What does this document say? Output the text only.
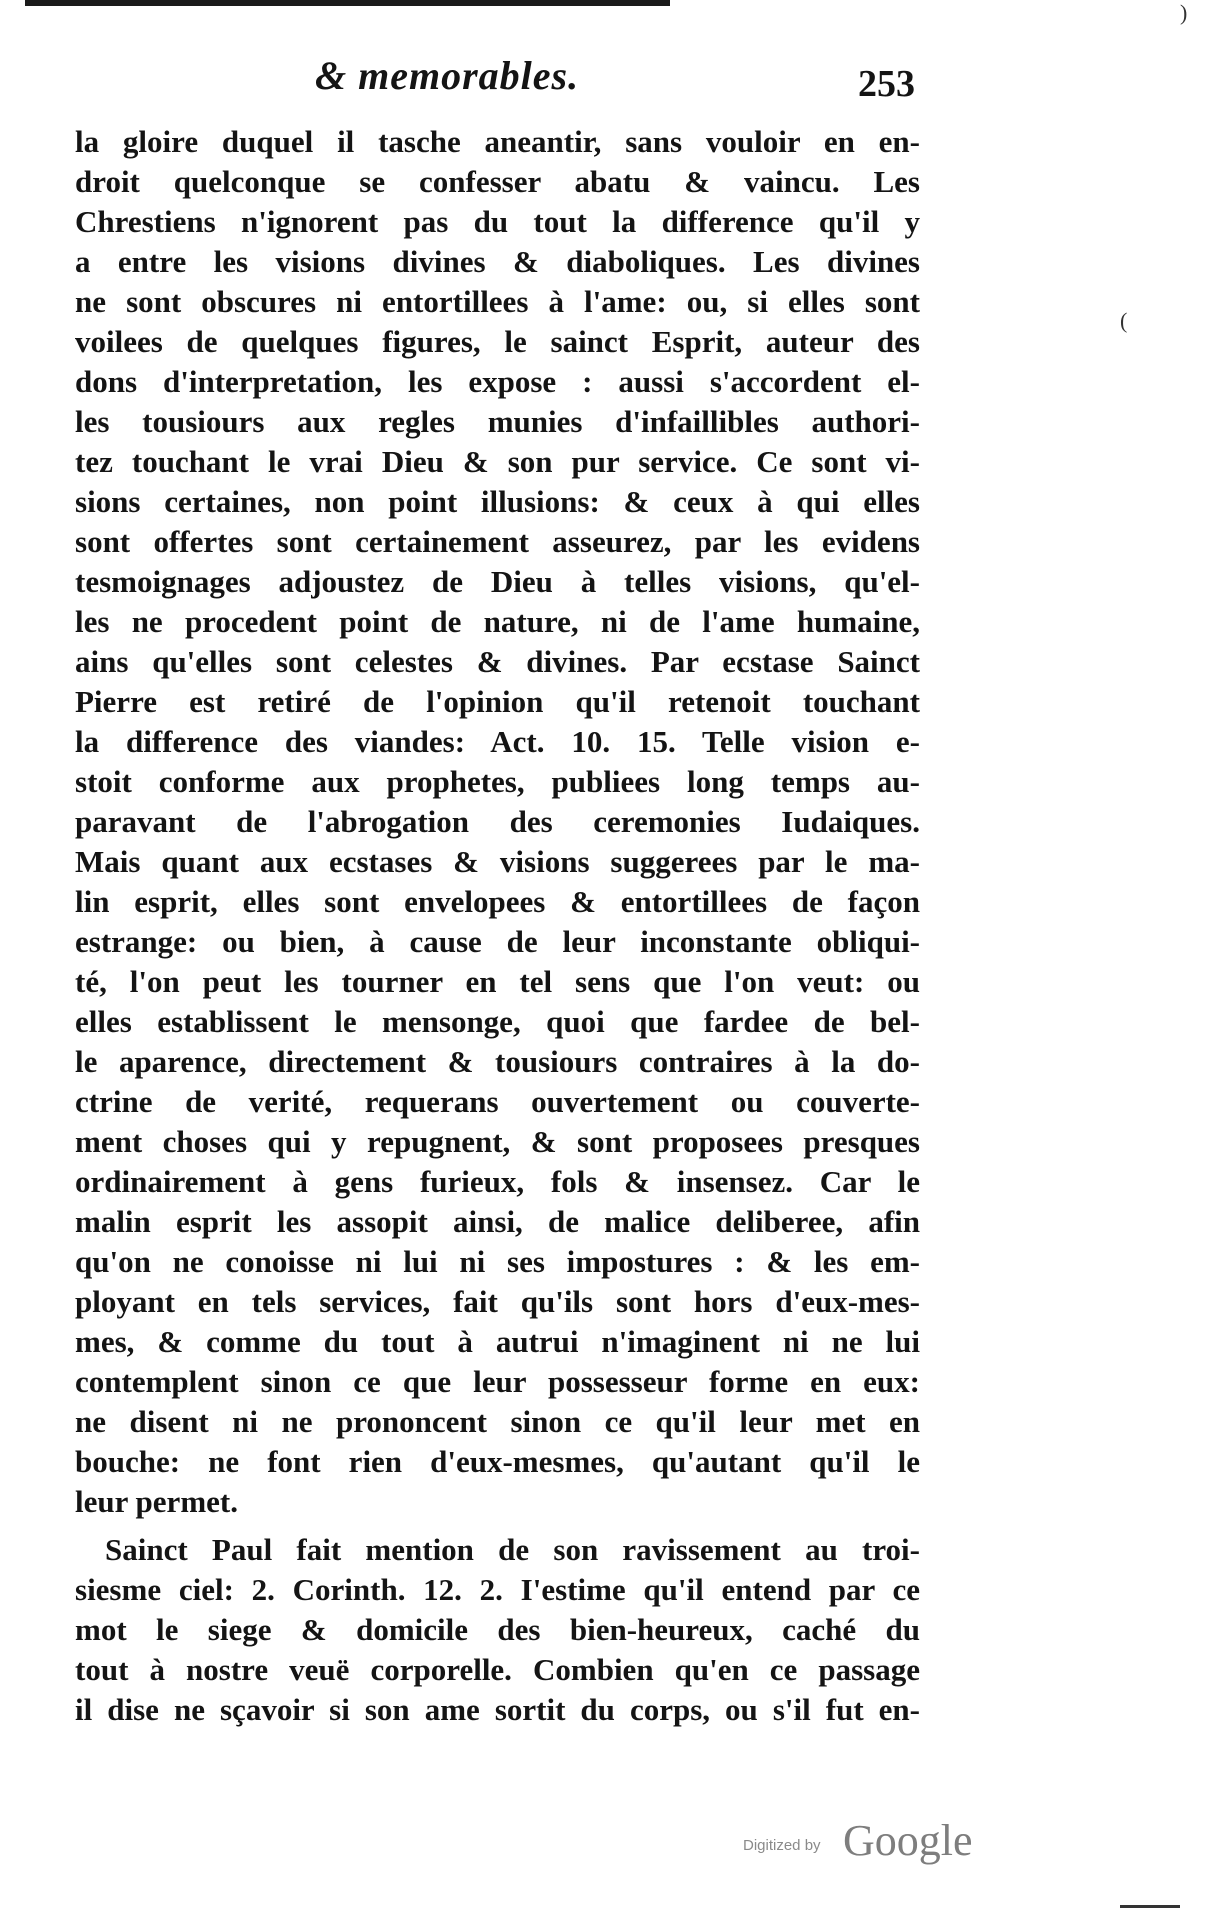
& memorables.	253
la gloire duquel il tasche aneantir, sans vouloir en en-
droit quelconque se confesser abatu & vaincu. Les
Chrestiens n'ignorent pas du tout la difference qu'il y
a entre les visions divines & diaboliques. Les divines
ne sont obscures ni entortillees à l'ame: ou, si elles sont
voilees de quelques figures, le sainct Esprit, auteur des
dons d'interpretation, les expose : aussi s'accordent el-
les tousiours aux regles munies d'infaillibles authori-
tez touchant le vrai Dieu & son pur service. Ce sont vi-
sions certaines, non point illusions: & ceux à qui elles
sont offertes sont certainement asseurez, par les evidens
tesmoignages adjoustez de Dieu à telles visions, qu'el-
les ne procedent point de nature, ni de l'ame humaine,
ains qu'elles sont celestes & divines. Par ecstase Sainct
Pierre est retiré de l'opinion qu'il retenoit touchant
la difference des viandes: Act. 10. 15. Telle vision e-
stoit conforme aux prophetes, publiees long temps au-
paravant de l'abrogation des ceremonies Iudaiques.
Mais quant aux ecstases & visions suggerees par le ma-
lin esprit, elles sont envelopees & entortillees de façon
estrange: ou bien, à cause de leur inconstante obliqui-
té, l'on peut les tourner en tel sens que l'on veut: ou
elles establissent le mensonge, quoi que fardee de bel-
le aparence, directement & tousiours contraires à la do-
ctrine de verité, requerans ouvertement ou couverte-
ment choses qui y repugnent, & sont proposees presques
ordinairement à gens furieux, fols & insensez. Car le
malin esprit les assopit ainsi, de malice deliberee, afin
qu'on ne conoisse ni lui ni ses impostures : & les em-
ployant en tels services, fait qu'ils sont hors d'eux-mes-
mes, & comme du tout à autrui n'imaginent ni ne lui
contemplent sinon ce que leur possesseur forme en eux:
ne disent ni ne prononcent sinon ce qu'il leur met en
bouche: ne font rien d'eux-mesmes, qu'autant qu'il le
leur permet.
Sainct Paul fait mention de son ravissement au troi-
siesme ciel: 2. Corinth. 12. 2. I'estime qu'il entend par ce
mot le siege & domicile des bien-heureux, caché du
tout à nostre veuë corporelle. Combien qu'en ce passage
il dise ne sçavoir si son ame sortit du corps, ou s'il fut en-
(
)
Digitized by Google
